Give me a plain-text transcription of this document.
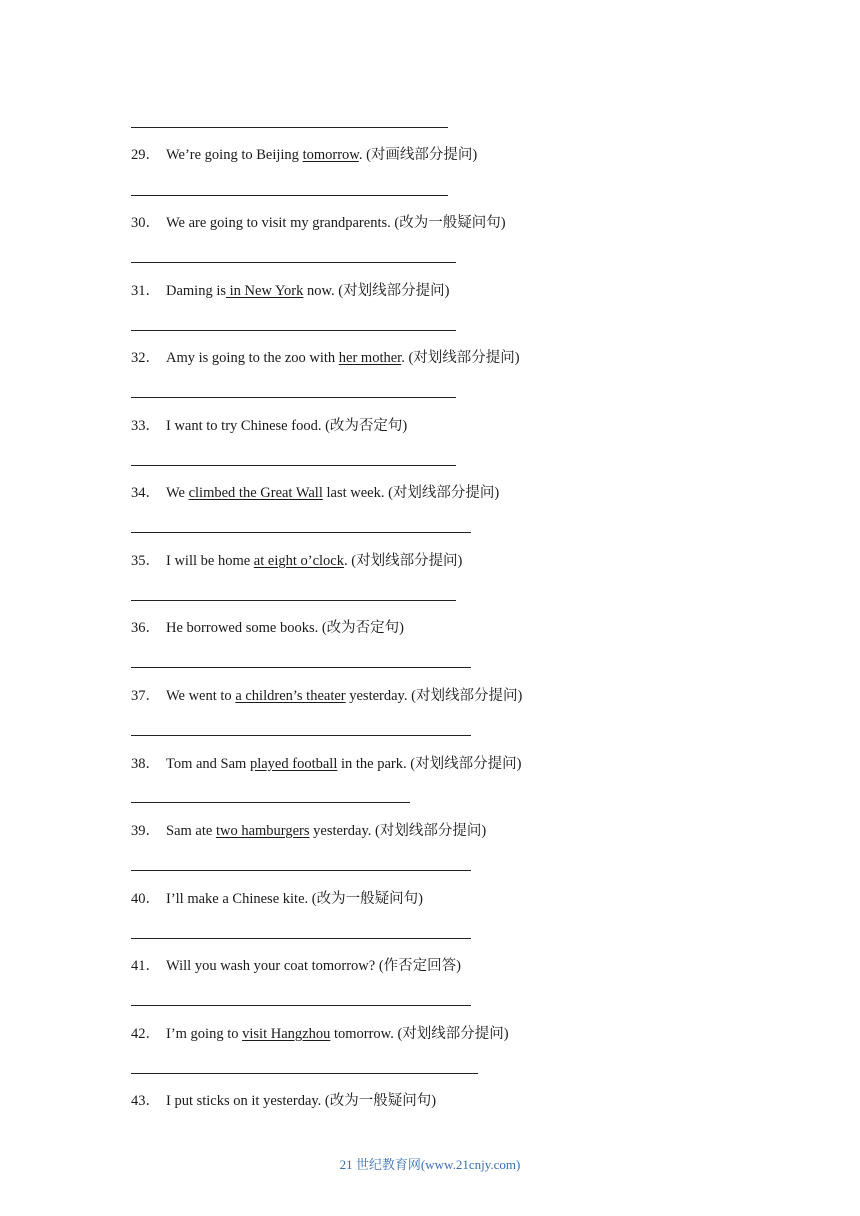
29． We’re going to Beijing tomorrow. (对画线部分提问)
30． We are going to visit my grandparents. (改为一般疑问句)
31． Daming is in New York now. (对划线部分提问)
32． Amy is going to the zoo with her mother. (对划线部分提问)
33． I want to try Chinese food. (改为否定句)
34． We climbed the Great Wall last week. (对划线部分提问)
35． I will be home at eight o’clock. (对划线部分提问)
36． He borrowed some books. (改为否定句)
37． We went to a children’s theater yesterday. (对划线部分提问)
38． Tom and Sam played football in the park. (对划线部分提问)
39． Sam ate two hamburgers yesterday. (对划线部分提问)
40． I’ll make a Chinese kite. (改为一般疑问句)
41． Will you wash your coat tomorrow? (作否定回答)
42． I’m going to visit Hangzhou tomorrow. (对划线部分提问)
43． I put sticks on it yesterday. (改为一般疑问句)
21 世纪教育网(www.21cnjy.com)
